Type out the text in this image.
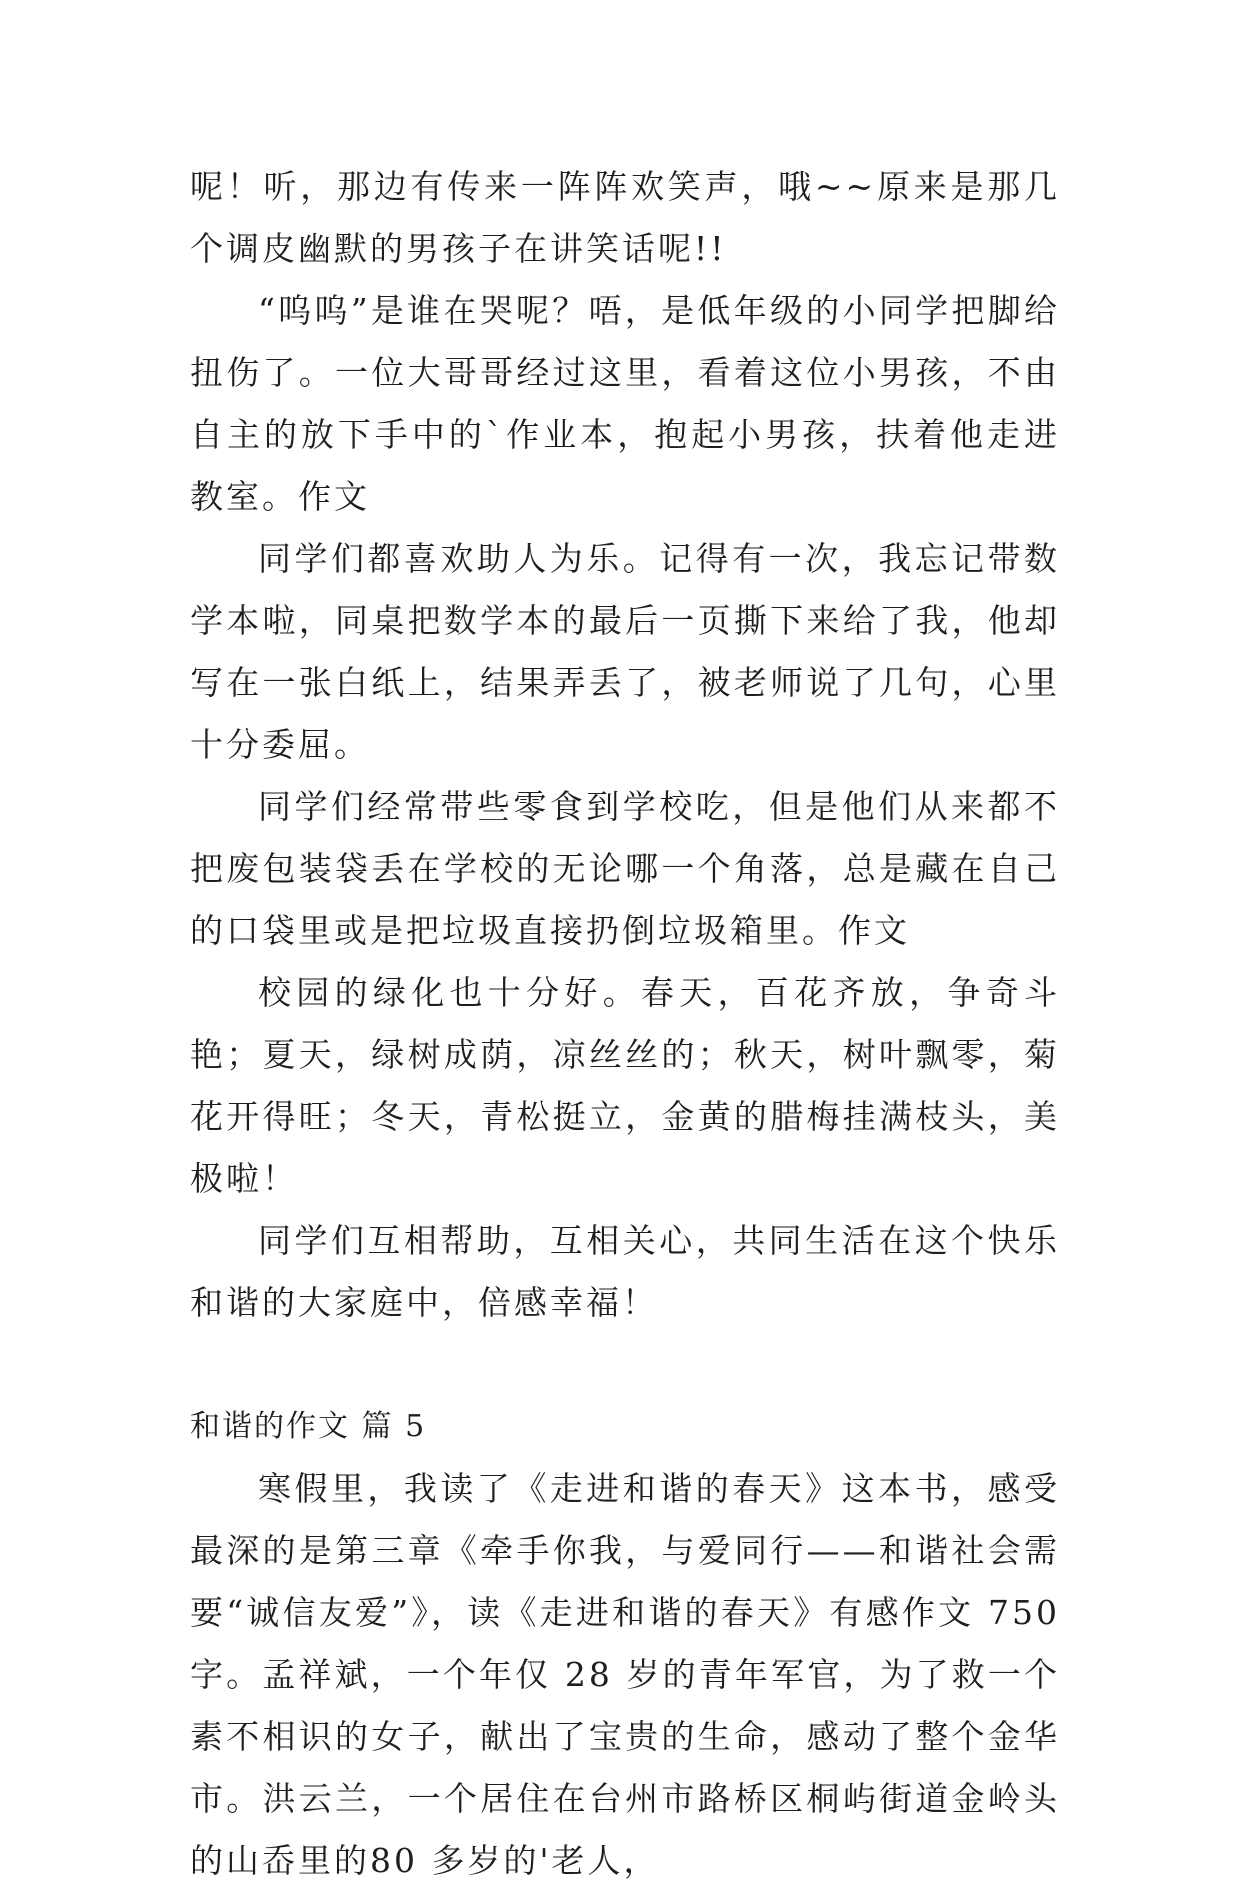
呢！听，那边有传来一阵阵欢笑声，哦~~原来是那几个调皮幽默的男孩子在讲笑话呢!!

“呜呜”是谁在哭呢？唔，是低年级的小同学把脚给扭伤了。一位大哥哥经过这里，看着这位小男孩，不由自主的放下手中的`作业本，抱起小男孩，扶着他走进教室。作文

同学们都喜欢助人为乐。记得有一次，我忘记带数学本啦，同桌把数学本的最后一页撕下来给了我，他却写在一张白纸上，结果弄丢了，被老师说了几句，心里十分委屈。

同学们经常带些零食到学校吃，但是他们从来都不把废包装袋丢在学校的无论哪一个角落，总是藏在自己的口袋里或是把垃圾直接扔倒垃圾箱里。作文

校园的绿化也十分好。春天，百花齐放，争奇斗艳；夏天，绿树成荫，凉丝丝的；秋天，树叶飘零，菊花开得旺；冬天，青松挺立，金黄的腊梅挂满枝头，美极啦！

同学们互相帮助，互相关心，共同生活在这个快乐和谐的大家庭中，倍感幸福！

和谐的作文 篇 5

寒假里，我读了《走进和谐的春天》这本书，感受最深的是第三章《牵手你我，与爱同行——和谐社会需要“诚信友爱”》，读《走进和谐的春天》有感作文 750 字。孟祥斌，一个年仅 28 岁的青年军官，为了救一个素不相识的女子，献出了宝贵的生命，感动了整个金华市。洪云兰，一个居住在台州市路桥区桐屿街道金岭头的山岙里的80 多岁的'老人，
